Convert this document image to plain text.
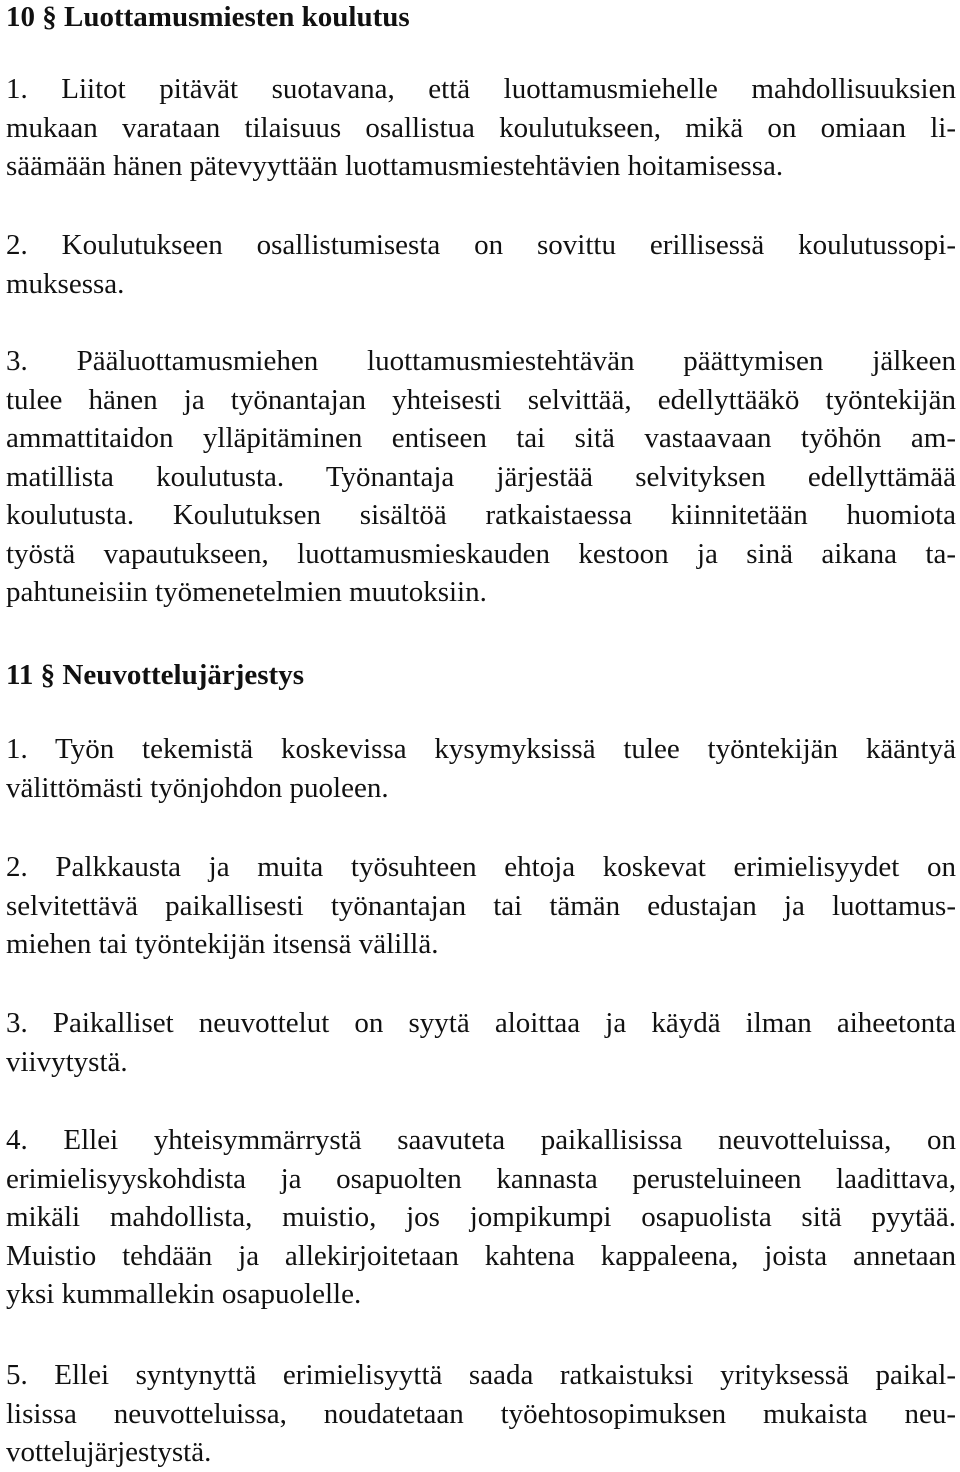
10 § Luottamusmiesten koulutus

1. Liitot pitävät suotavana, että luottamusmiehelle mahdollisuuksien
mukaan varataan tilaisuus osallistua koulutukseen, mikä on omiaan li-
säämään hänen pätevyyttään luottamusmiestehtävien hoitamisessa.

2. Koulutukseen osallistumisesta on sovittu erillisessä koulutussopi-
muksessa.

3. Pääluottamusmiehen luottamusmiestehtävän päättymisen jälkeen
tulee hänen ja työnantajan yhteisesti selvittää, edellyttääkö työntekijän
ammattitaidon ylläpitäminen entiseen tai sitä vastaavaan työhön am-
matillista koulutusta. Työnantaja järjestää selvityksen edellyttämää
koulutusta. Koulutuksen sisältöä ratkaistaessa kiinnitetään huomiota
työstä vapautukseen, luottamusmieskauden kestoon ja sinä aikana ta-
pahtuneisiin työmenetelmien muutoksiin.

11 § Neuvottelujärjestys

1. Työn tekemistä koskevissa kysymyksissä tulee työntekijän kääntyä
välittömästi työnjohdon puoleen.

2. Palkkausta ja muita työsuhteen ehtoja koskevat erimielisyydet on
selvitettävä paikallisesti työnantajan tai tämän edustajan ja luottamus-
miehen tai työntekijän itsensä välillä.

3. Paikalliset neuvottelut on syytä aloittaa ja käydä ilman aiheetonta
viivytystä.

4. Ellei yhteisymmärrystä saavuteta paikallisissa neuvotteluissa, on
erimielisyyskohdista ja osapuolten kannasta perusteluineen laadittava,
mikäli mahdollista, muistio, jos jompikumpi osapuolista sitä pyytää.
Muistio tehdään ja allekirjoitetaan kahtena kappaleena, joista annetaan
yksi kummallekin osapuolelle.

5. Ellei syntynyttä erimielisyyttä saada ratkaistuksi yrityksessä paikal-
lisissa neuvotteluissa, noudatetaan työehtosopimuksen mukaista neu-
vottelujärjestystä.
